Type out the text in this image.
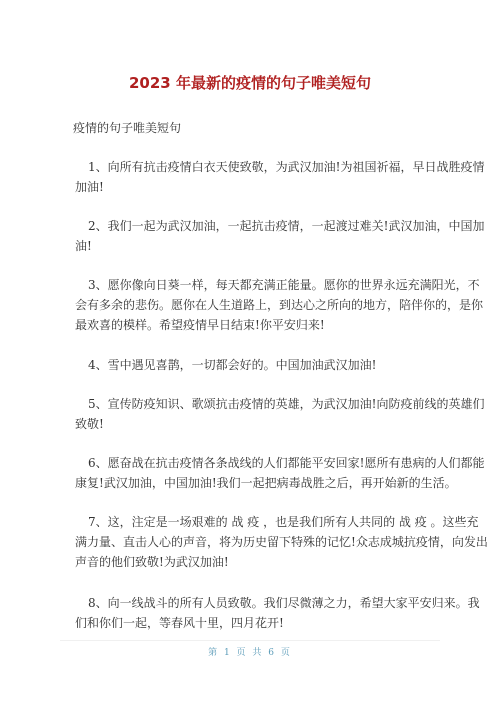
2023 年最新的疫情的句子唯美短句
疫情的句子唯美短句
1、向所有抗击疫情白衣天使致敬，为武汉加油!为祖国祈福，早日战胜疫情
加油!
2、我们一起为武汉加油，一起抗击疫情，一起渡过难关!武汉加油，中国加
油!
3、愿你像向日葵一样，每天都充满正能量。愿你的世界永远充满阳光，不
会有多余的悲伤。愿你在人生道路上，到达心之所向的地方，陪伴你的，是你
最欢喜的模样。希望疫情早日结束!你平安归来!
4、雪中遇见喜鹊，一切都会好的。中国加油武汉加油!
5、宣传防疫知识、歌颂抗击疫情的英雄，为武汉加油!向防疫前线的英雄们
致敬!
6、愿奋战在抗击疫情各条战线的人们都能平安回家!愿所有患病的人们都能
康复!武汉加油，中国加油!我们一起把病毒战胜之后，再开始新的生活。
7、这，注定是一场艰难的 战 疫 ，也是我们所有人共同的 战 疫 。这些充
满力量、直击人心的声音，将为历史留下特殊的记忆!众志成城抗疫情，向发出
声音的他们致敬!为武汉加油!
8、向一线战斗的所有人员致敬。我们尽微薄之力，希望大家平安归来。我
们和你们一起，等春风十里，四月花开!
第 1 页 共 6 页
